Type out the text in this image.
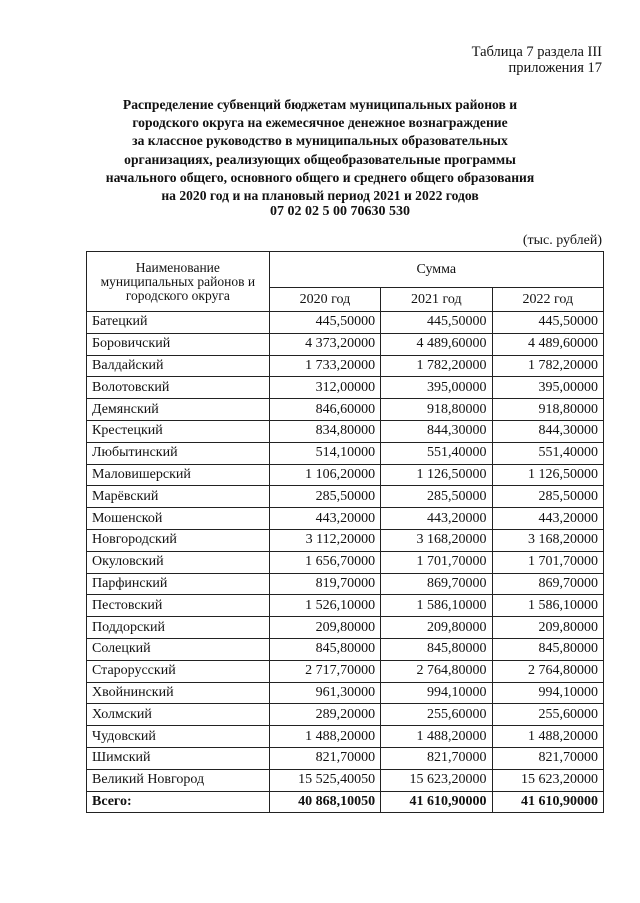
Таблица 7 раздела III
приложения 17
Распределение субвенций бюджетам муниципальных районов и
городского округа на ежемесячное денежное вознаграждение
за классное руководство в муниципальных образовательных
организациях, реализующих общеобразовательные программы
начального общего, основного общего и среднего общего образования
на 2020 год и на плановый период 2021 и 2022 годов
07 02 02 5 00 70630 530
(тыс. рублей)
Наименование муниципальных районов и городского округа	Сумма		
	2020 год	2021 год	2022 год
Батецкий	445,50000	445,50000	445,50000
Боровичский	4 373,20000	4 489,60000	4 489,60000
Валдайский	1 733,20000	1 782,20000	1 782,20000
Волотовский	312,00000	395,00000	395,00000
Демянский	846,60000	918,80000	918,80000
Крестецкий	834,80000	844,30000	844,30000
Любытинский	514,10000	551,40000	551,40000
Маловишерский	1 106,20000	1 126,50000	1 126,50000
Марёвский	285,50000	285,50000	285,50000
Мошенской	443,20000	443,20000	443,20000
Новгородский	3 112,20000	3 168,20000	3 168,20000
Окуловский	1 656,70000	1 701,70000	1 701,70000
Парфинский	819,70000	869,70000	869,70000
Пестовский	1 526,10000	1 586,10000	1 586,10000
Поддорский	209,80000	209,80000	209,80000
Солецкий	845,80000	845,80000	845,80000
Старорусский	2 717,70000	2 764,80000	2 764,80000
Хвойнинский	961,30000	994,10000	994,10000
Холмский	289,20000	255,60000	255,60000
Чудовский	1 488,20000	1 488,20000	1 488,20000
Шимский	821,70000	821,70000	821,70000
Великий Новгород	15 525,40050	15 623,20000	15 623,20000
Всего:	40 868,10050	41 610,90000	41 610,90000
